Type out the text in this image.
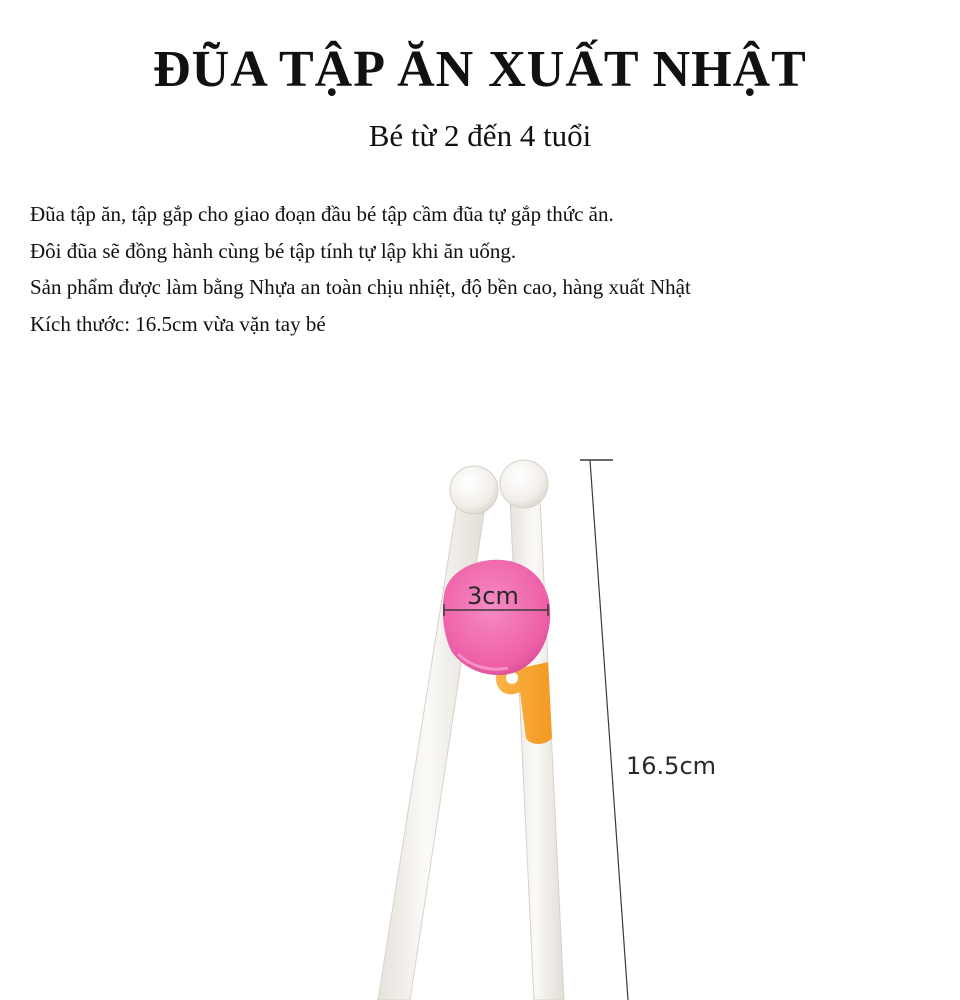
ĐŨA TẬP ĂN XUẤT NHẬT
Bé từ 2 đến 4 tuổi

Đũa tập ăn, tập gắp cho giao đoạn đầu bé tập cầm đũa tự gắp thức ăn.

Đôi đũa sẽ đồng hành cùng bé tập tính tự lập khi ăn uống.

Sản phẩm được làm bằng Nhựa an toàn chịu nhiệt, độ bền cao, hàng xuất Nhật

Kích thước: 16.5cm vừa vặn tay bé

3cm
16.5cm
